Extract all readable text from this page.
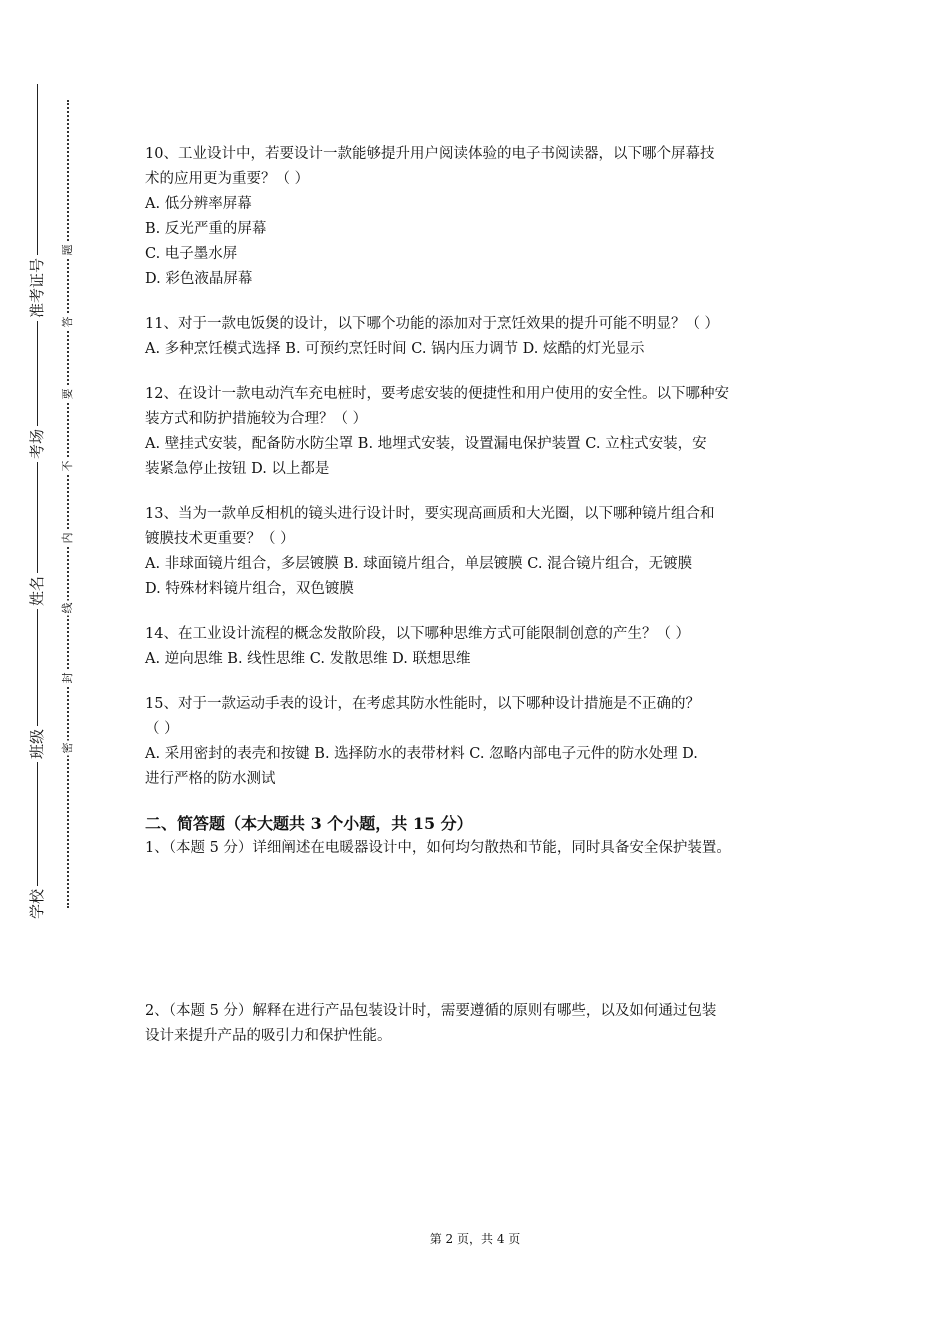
准考证号
考场
姓名
班级
学校
密
封
线
内
不
要
答
题

10、工业设计中，若要设计一款能够提升用户阅读体验的电子书阅读器，以下哪个屏幕技

术的应用更为重要？（ ）

A. 低分辨率屏幕

B. 反光严重的屏幕

C. 电子墨水屏

D. 彩色液晶屏幕

11、对于一款电饭煲的设计，以下哪个功能的添加对于烹饪效果的提升可能不明显？（ ）

A. 多种烹饪模式选择 B. 可预约烹饪时间 C. 锅内压力调节 D. 炫酷的灯光显示

12、在设计一款电动汽车充电桩时，要考虑安装的便捷性和用户使用的安全性。以下哪种安

装方式和防护措施较为合理？（ ）

A. 壁挂式安装，配备防水防尘罩 B. 地埋式安装，设置漏电保护装置 C. 立柱式安装，安

装紧急停止按钮 D. 以上都是

13、当为一款单反相机的镜头进行设计时，要实现高画质和大光圈，以下哪种镜片组合和

镀膜技术更重要？（ ）

A. 非球面镜片组合，多层镀膜 B. 球面镜片组合，单层镀膜 C. 混合镜片组合，无镀膜

D. 特殊材料镜片组合，双色镀膜

14、在工业设计流程的概念发散阶段，以下哪种思维方式可能限制创意的产生？（ ）

A. 逆向思维 B. 线性思维 C. 发散思维 D. 联想思维

15、对于一款运动手表的设计，在考虑其防水性能时，以下哪种设计措施是不正确的？

（ ）

A. 采用密封的表壳和按键 B. 选择防水的表带材料 C. 忽略内部电子元件的防水处理 D.

进行严格的防水测试

二、简答题（本大题共 3 个小题，共 15 分）

1、（本题 5 分）详细阐述在电暖器设计中，如何均匀散热和节能，同时具备安全保护装置。

2、（本题 5 分）解释在进行产品包装设计时，需要遵循的原则有哪些，以及如何通过包装

设计来提升产品的吸引力和保护性能。

第 2 页，共 4 页
